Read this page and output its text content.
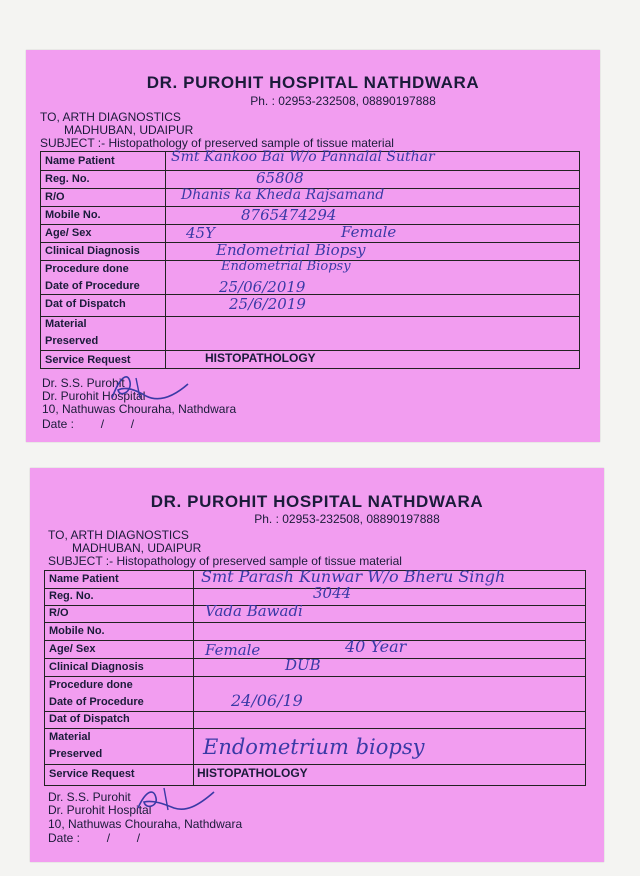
DR. PUROHIT HOSPITAL NATHDWARA
Ph. : 02953-232508, 08890197888
TO, ARTH DIAGNOSTICS
MADHUBAN, UDAIPUR
SUBJECT :- Histopathology of preserved sample of tissue material
Name Patient
Reg. No.
R/O
Mobile No.
Age/ Sex
Clinical Diagnosis
Procedure done
Date of Procedure
Dat of Dispatch
Material
Preserved
Service Request
Smt Kankoo Bai W/o Pannalal Suthar
65808
Dhanis ka Kheda Rajsamand
8765474294
45Y	Female
Endometrial Biopsy
Endometrial Biopsy
25/06/2019
25/6/2019
HISTOPATHOLOGY
Dr. S.S. Purohit
Dr. Purohit Hospital
10, Nathuwas Chouraha, Nathdwara
Date :        /        /
DR. PUROHIT HOSPITAL NATHDWARA
Ph. : 02953-232508, 08890197888
TO, ARTH DIAGNOSTICS
MADHUBAN, UDAIPUR
SUBJECT :- Histopathology of preserved sample of tissue material
Name Patient
Reg. No.
R/O
Mobile No.
Age/ Sex
Clinical Diagnosis
Procedure done
Date of Procedure
Dat of Dispatch
Material
Preserved
Service Request
Smt Parash Kunwar W/o Bheru Singh
3044
Vada Bawadi
40 Year
Female
DUB
24/06/19
Endometrium biopsy
HISTOPATHOLOGY
Dr. S.S. Purohit
Dr. Purohit Hospital
10, Nathuwas Chouraha, Nathdwara
Date :        /        /
